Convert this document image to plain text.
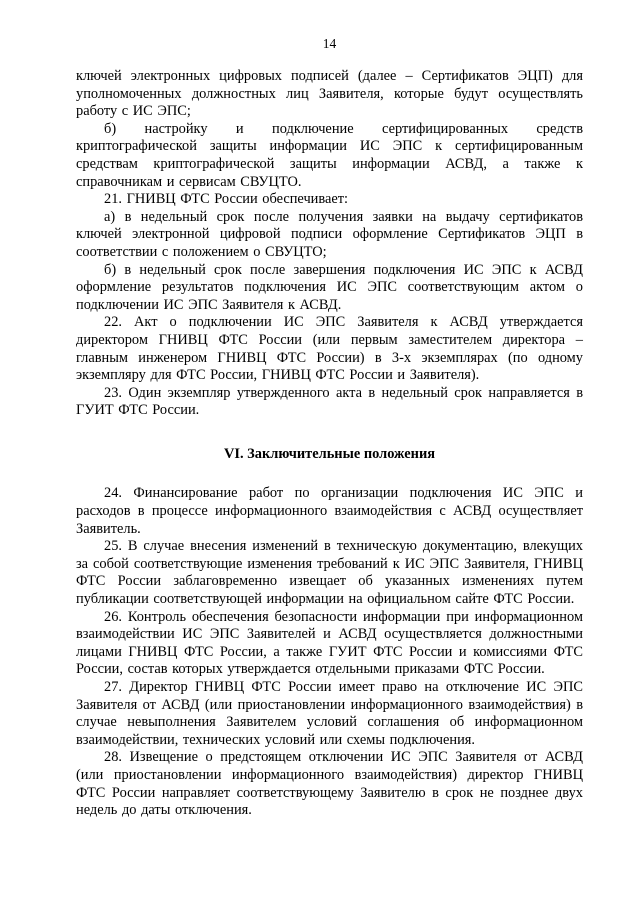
14

ключей электронных цифровых подписей (далее – Сертификатов ЭЦП) для уполномоченных должностных лиц Заявителя, которые будут осуществлять работу с ИС ЭПС;

б) настройку и подключение сертифицированных средств криптографической защиты информации ИС ЭПС к сертифицированным средствам криптографической защиты информации АСВД, а также к справочникам и сервисам СВУЦТО.

21. ГНИВЦ ФТС России обеспечивает:

а) в недельный срок после получения заявки на выдачу сертификатов ключей электронной цифровой подписи оформление Сертификатов ЭЦП в соответствии с положением о СВУЦТО;

б) в недельный срок после завершения подключения ИС ЭПС к АСВД оформление результатов подключения ИС ЭПС соответствующим актом о подключении ИС ЭПС Заявителя к АСВД.

22. Акт о подключении ИС ЭПС Заявителя к АСВД утверждается директором ГНИВЦ ФТС России (или первым заместителем директора – главным инженером ГНИВЦ ФТС России) в 3-х экземплярах (по одному экземпляру для ФТС России, ГНИВЦ ФТС России и Заявителя).

23. Один экземпляр утвержденного акта в недельный срок направляется в ГУИТ ФТС России.

VI. Заключительные положения

24. Финансирование работ по организации подключения ИС ЭПС и расходов в процессе информационного взаимодействия с АСВД осуществляет Заявитель.

25. В случае внесения изменений в техническую документацию, влекущих за собой соответствующие изменения требований к ИС ЭПС Заявителя, ГНИВЦ ФТС России заблаговременно извещает об указанных изменениях путем публикации соответствующей информации на официальном сайте ФТС России.

26. Контроль обеспечения безопасности информации при информационном взаимодействии ИС ЭПС Заявителей и АСВД осуществляется должностными лицами ГНИВЦ ФТС России, а также ГУИТ ФТС России и комиссиями ФТС России, состав которых утверждается отдельными приказами ФТС России.

27. Директор ГНИВЦ ФТС России имеет право на отключение ИС ЭПС Заявителя от АСВД (или приостановлении информационного взаимодействия) в случае невыполнения Заявителем условий соглашения об информационном взаимодействии, технических условий или схемы подключения.

28. Извещение о предстоящем отключении ИС ЭПС Заявителя от АСВД (или приостановлении информационного взаимодействия) директор ГНИВЦ ФТС России направляет соответствующему Заявителю в срок не позднее двух недель до даты отключения.
